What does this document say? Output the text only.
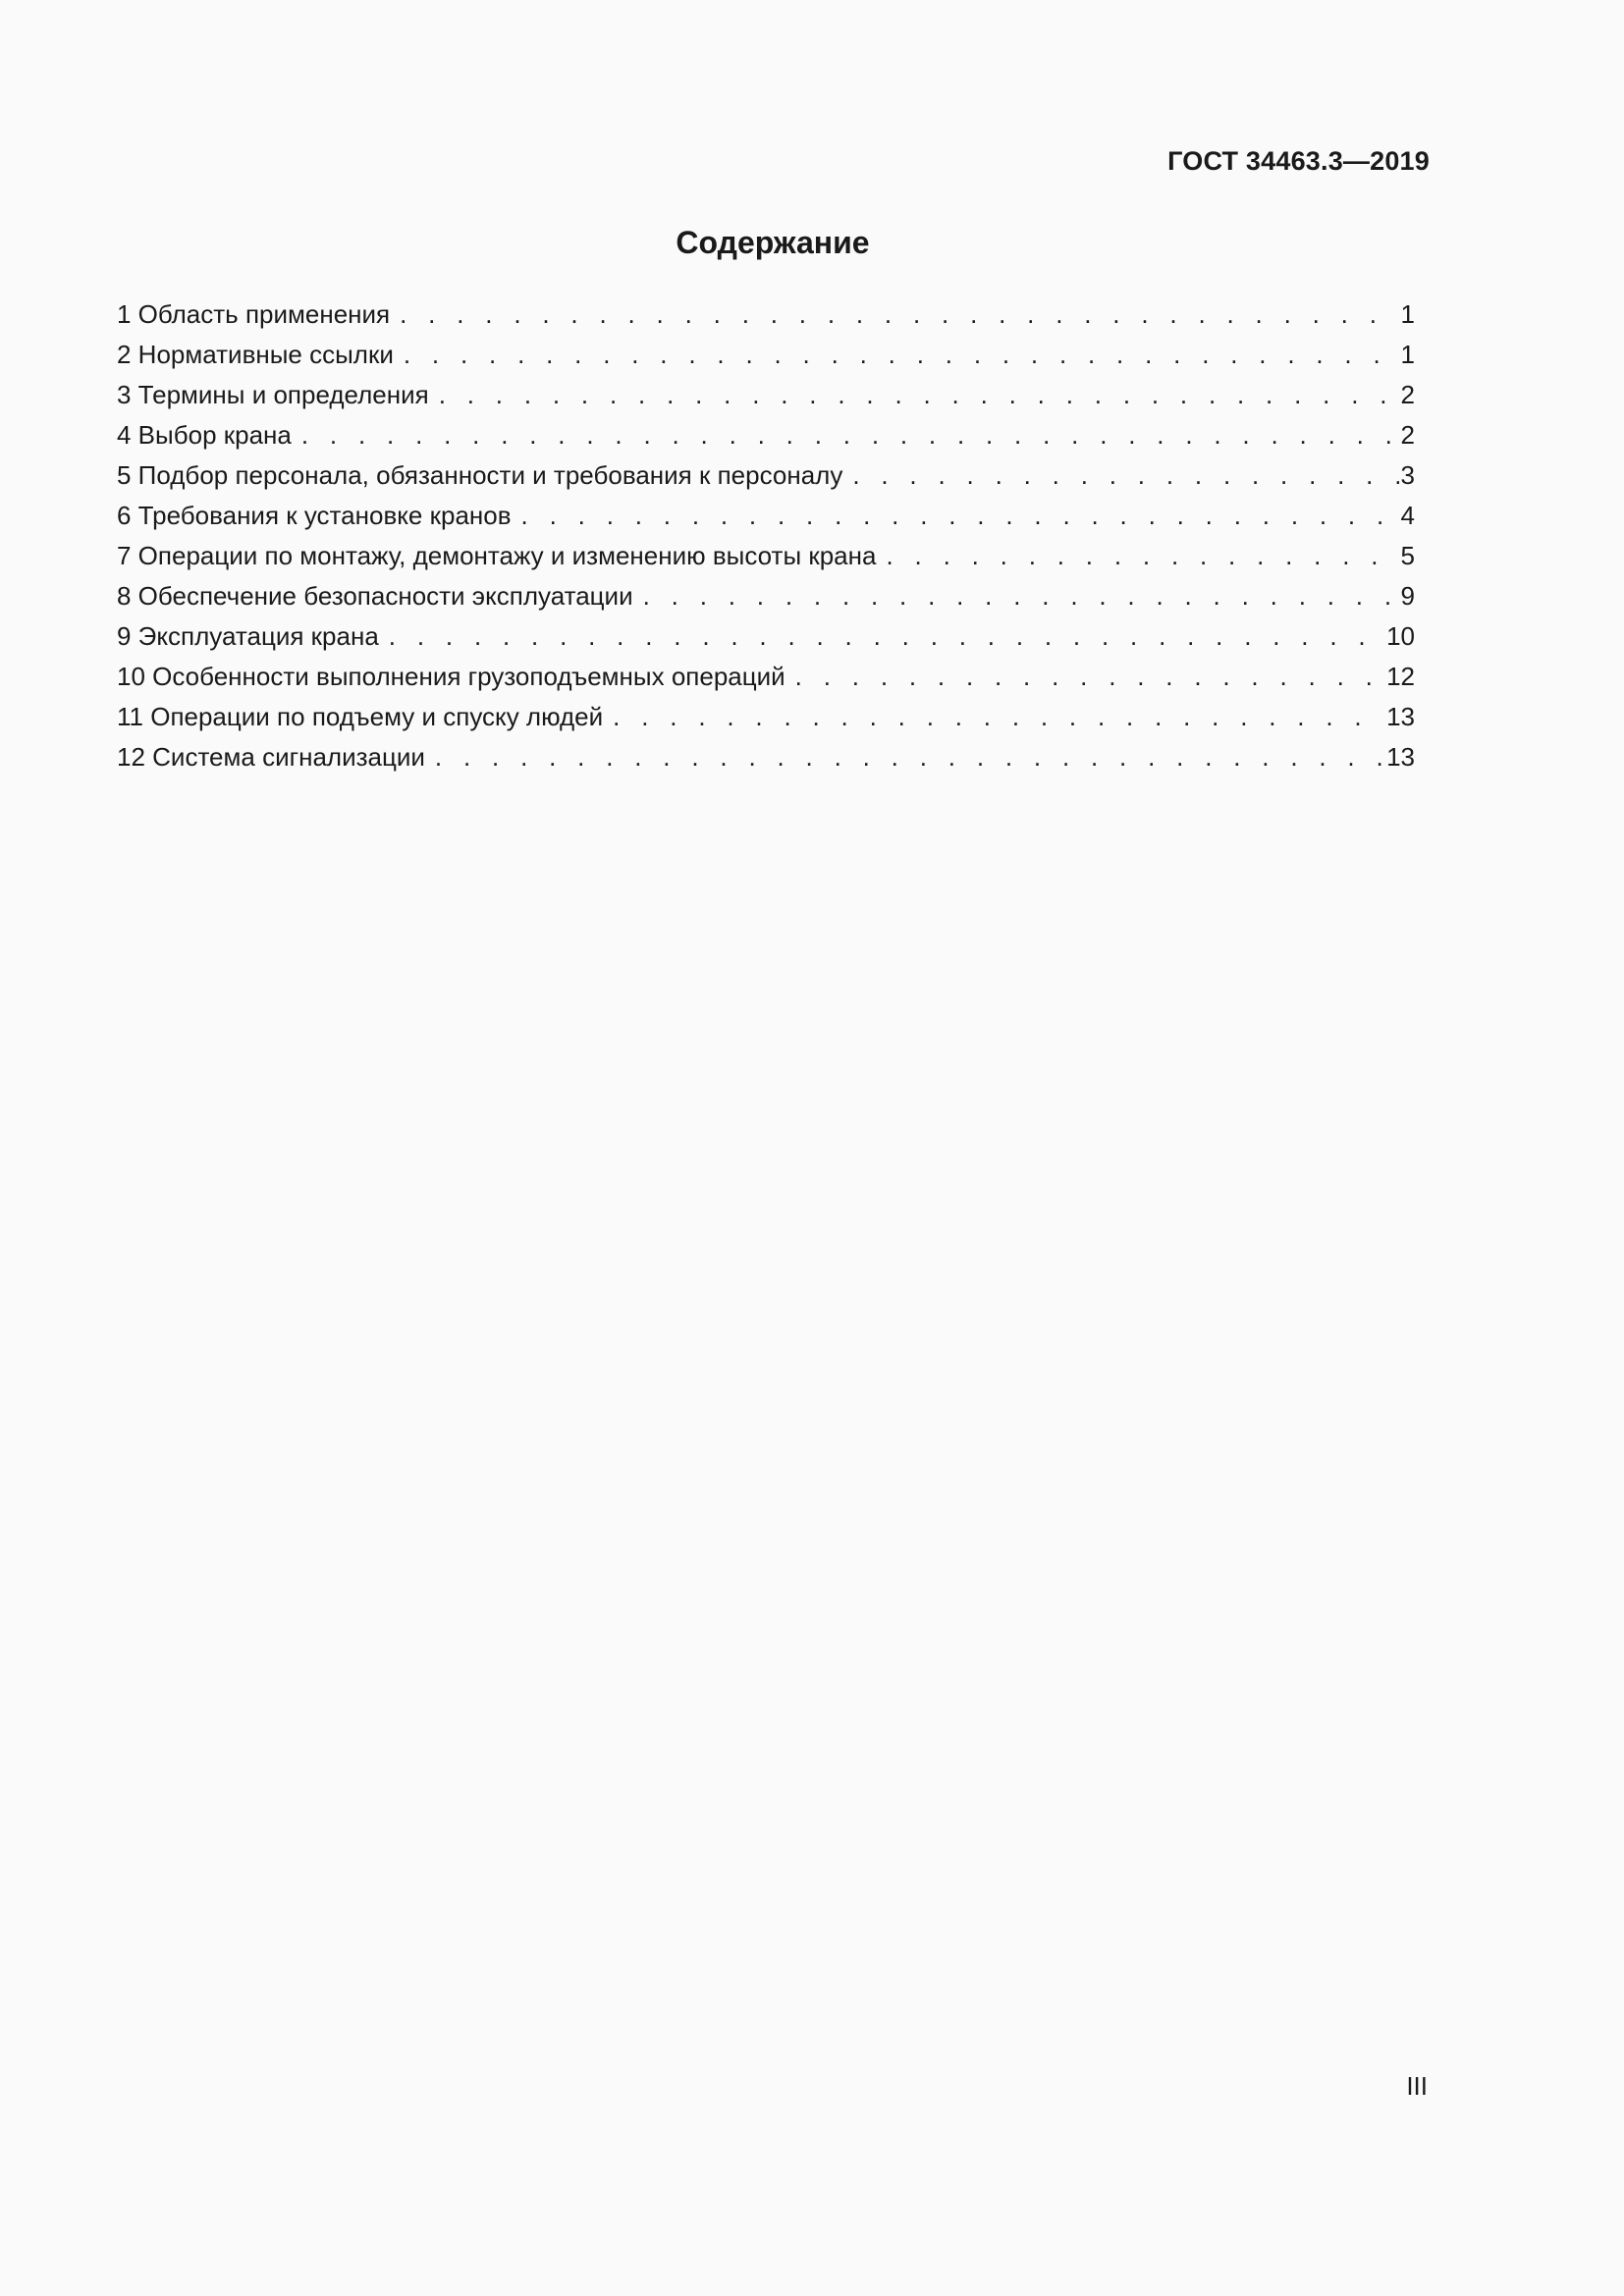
ГОСТ 34463.3—2019
Содержание
1 Область применения . . .	1
2 Нормативные ссылки . . .	1
3 Термины и определения . . .	2
4 Выбор крана . . .	2
5 Подбор персонала, обязанности и требования к персоналу . . .	3
6 Требования к установке кранов . . .	4
7 Операции по монтажу, демонтажу и изменению высоты крана . . .	5
8 Обеспечение безопасности эксплуатации . . .	9
9 Эксплуатация крана . . .	10
10 Особенности выполнения грузоподъемных операций . . .	12
11 Операции по подъему и спуску людей . . .	13
12 Система сигнализации . . .	13
III
